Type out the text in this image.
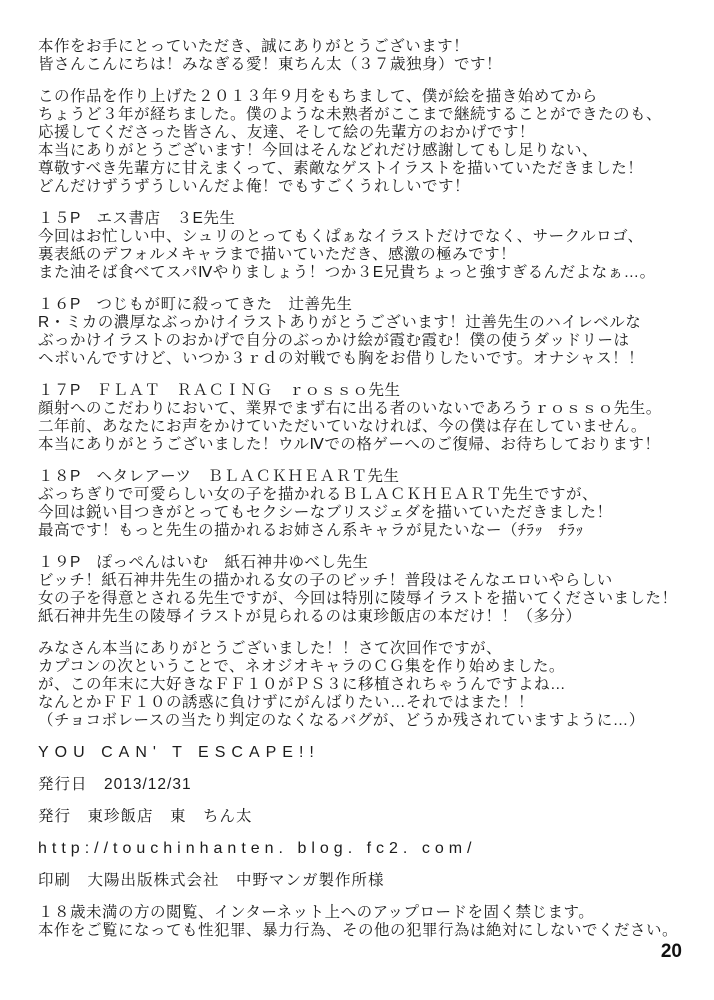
本作をお手にとっていただき、誠にありがとうございます！
皆さんこんにちは！みなぎる愛！東ちん太（３７歳独身）です！
この作品を作り上げた２０１３年９月をもちまして、僕が絵を描き始めてから
ちょうど３年が経ちました。僕のような未熟者がここまで継続することができたのも、
応援してくださった皆さん、友達、そして絵の先輩方のおかげです！
本当にありがとうございます！今回はそんなどれだけ感謝してもし足りない、
尊敬すべき先輩方に甘えまくって、素敵なゲストイラストを描いていただきました！
どんだけずうずうしいんだよ俺！でもすごくうれしいです！
１５P　エス書店　３E先生
今回はお忙しい中、シュリのとってもくぱぁなイラストだけでなく、サークルロゴ、
裏表紙のデフォルメキャラまで描いていただき、感激の極みです！
また油そば食べてスパⅣやりましょう！つか３E兄貴ちょっと強すぎるんだよなぁ…。
１６P　つじもが町に殺ってきた　辻善先生
R・ミカの濃厚なぶっかけイラストありがとうございます！辻善先生のハイレベルな
ぶっかけイラストのおかげで自分のぶっかけ絵が霞む霞む！僕の使うダッドリーは
ヘボいんですけど、いつか３ｒｄの対戦でも胸をお借りしたいです。オナシャス！！
１７P　ＦＬＡＴ　ＲＡＣＩＮＧ　ｒｏｓｓｏ先生
顔射へのこだわりにおいて、業界でまず右に出る者のいないであろうｒｏｓｓｏ先生。
二年前、あなたにお声をかけていただいていなければ、今の僕は存在していません。
本当にありがとうございました！ウルⅣでの格ゲーへのご復帰、お待ちしております！
１８P　ヘタレアーツ　ＢＬＡＣＫＨＥＡＲＴ先生
ぶっちぎりで可愛らしい女の子を描かれるＢＬＡＣＫＨＥＡＲＴ先生ですが、
今回は鋭い目つきがとってもセクシーなブリスジェダを描いていただきました！
最高です！もっと先生の描かれるお姉さん系キャラが見たいなー（ﾁﾗｯ　ﾁﾗｯ
１９P　ぽっぺんはいむ　紙石神井ゆべし先生
ビッチ！紙石神井先生の描かれる女の子のビッチ！普段はそんなエロいやらしい
女の子を得意とされる先生ですが、今回は特別に陵辱イラストを描いてくださいました！
紙石神井先生の陵辱イラストが見られるのは東珍飯店の本だけ！！（多分）
みなさん本当にありがとうございました！！さて次回作ですが、
カプコンの次ということで、ネオジオキャラのＣＧ集を作り始めました。
が、この年末に大好きなＦＦ１０がＰＳ３に移植されちゃうんですよね…
なんとかＦＦ１０の誘惑に負けずにがんばりたい…それではまた！！
（チョコボレースの当たり判定のなくなるバグが、どうか残されていますように…）
YOU CAN' T ESCAPE!!
発行日　2013/12/31
発行　東珍飯店　東　ちん太
http://touchinhanten. blog. fc2. com/
印刷　大陽出版株式会社　中野マンガ製作所様
１８歳未満の方の閲覧、インターネット上へのアップロードを固く禁じます。
本作をご覧になっても性犯罪、暴力行為、その他の犯罪行為は絶対にしないでください。
20
